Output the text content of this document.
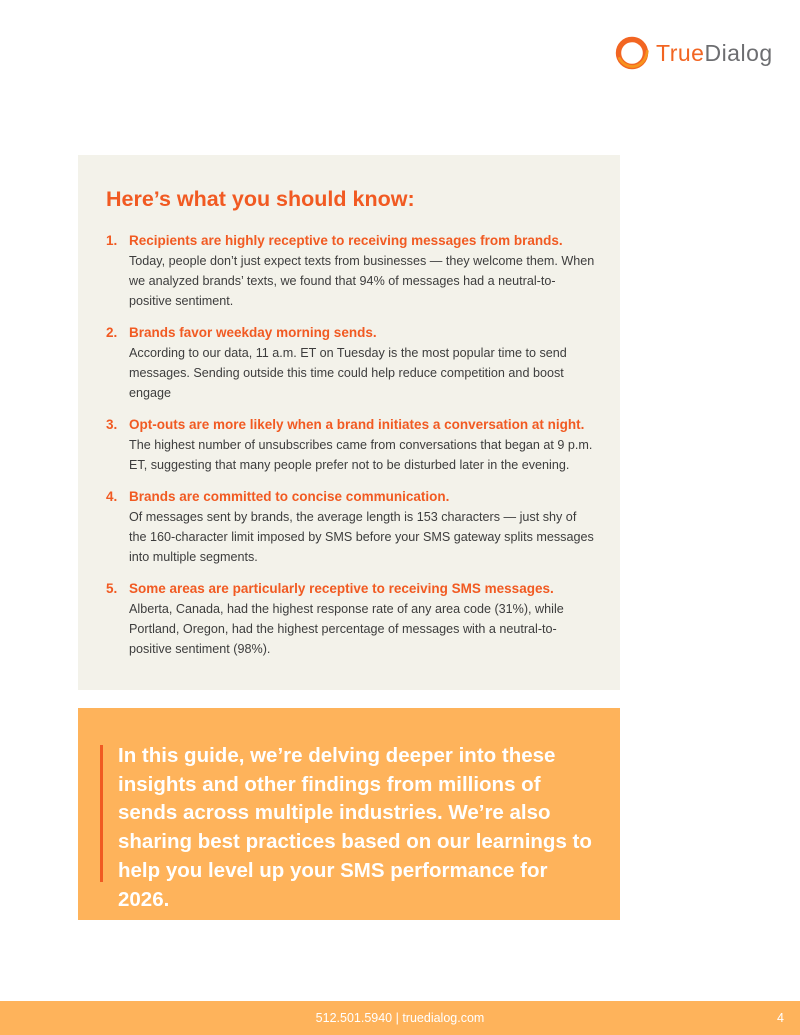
TrueDialog
Here’s what you should know:
1. Recipients are highly receptive to receiving messages from brands.
Today, people don’t just expect texts from businesses — they welcome them. When we analyzed brands’ texts, we found that 94% of messages had a neutral-to-positive sentiment.
2. Brands favor weekday morning sends.
According to our data, 11 a.m. ET on Tuesday is the most popular time to send messages. Sending outside this time could help reduce competition and boost engage
3. Opt-outs are more likely when a brand initiates a conversation at night.
The highest number of unsubscribes came from conversations that began at 9 p.m. ET, suggesting that many people prefer not to be disturbed later in the evening.
4. Brands are committed to concise communication.
Of messages sent by brands, the average length is 153 characters — just shy of the 160-character limit imposed by SMS before your SMS gateway splits messages into multiple segments.
5. Some areas are particularly receptive to receiving SMS messages.
Alberta, Canada, had the highest response rate of any area code (31%), while Portland, Oregon, had the highest percentage of messages with a neutral-to-positive sentiment (98%).

In this guide, we’re delving deeper into these insights and other findings from millions of sends across multiple industries. We’re also sharing best practices based on our learnings to help you level up your SMS performance for 2026.

512.501.5940 | truedialog.com	4
